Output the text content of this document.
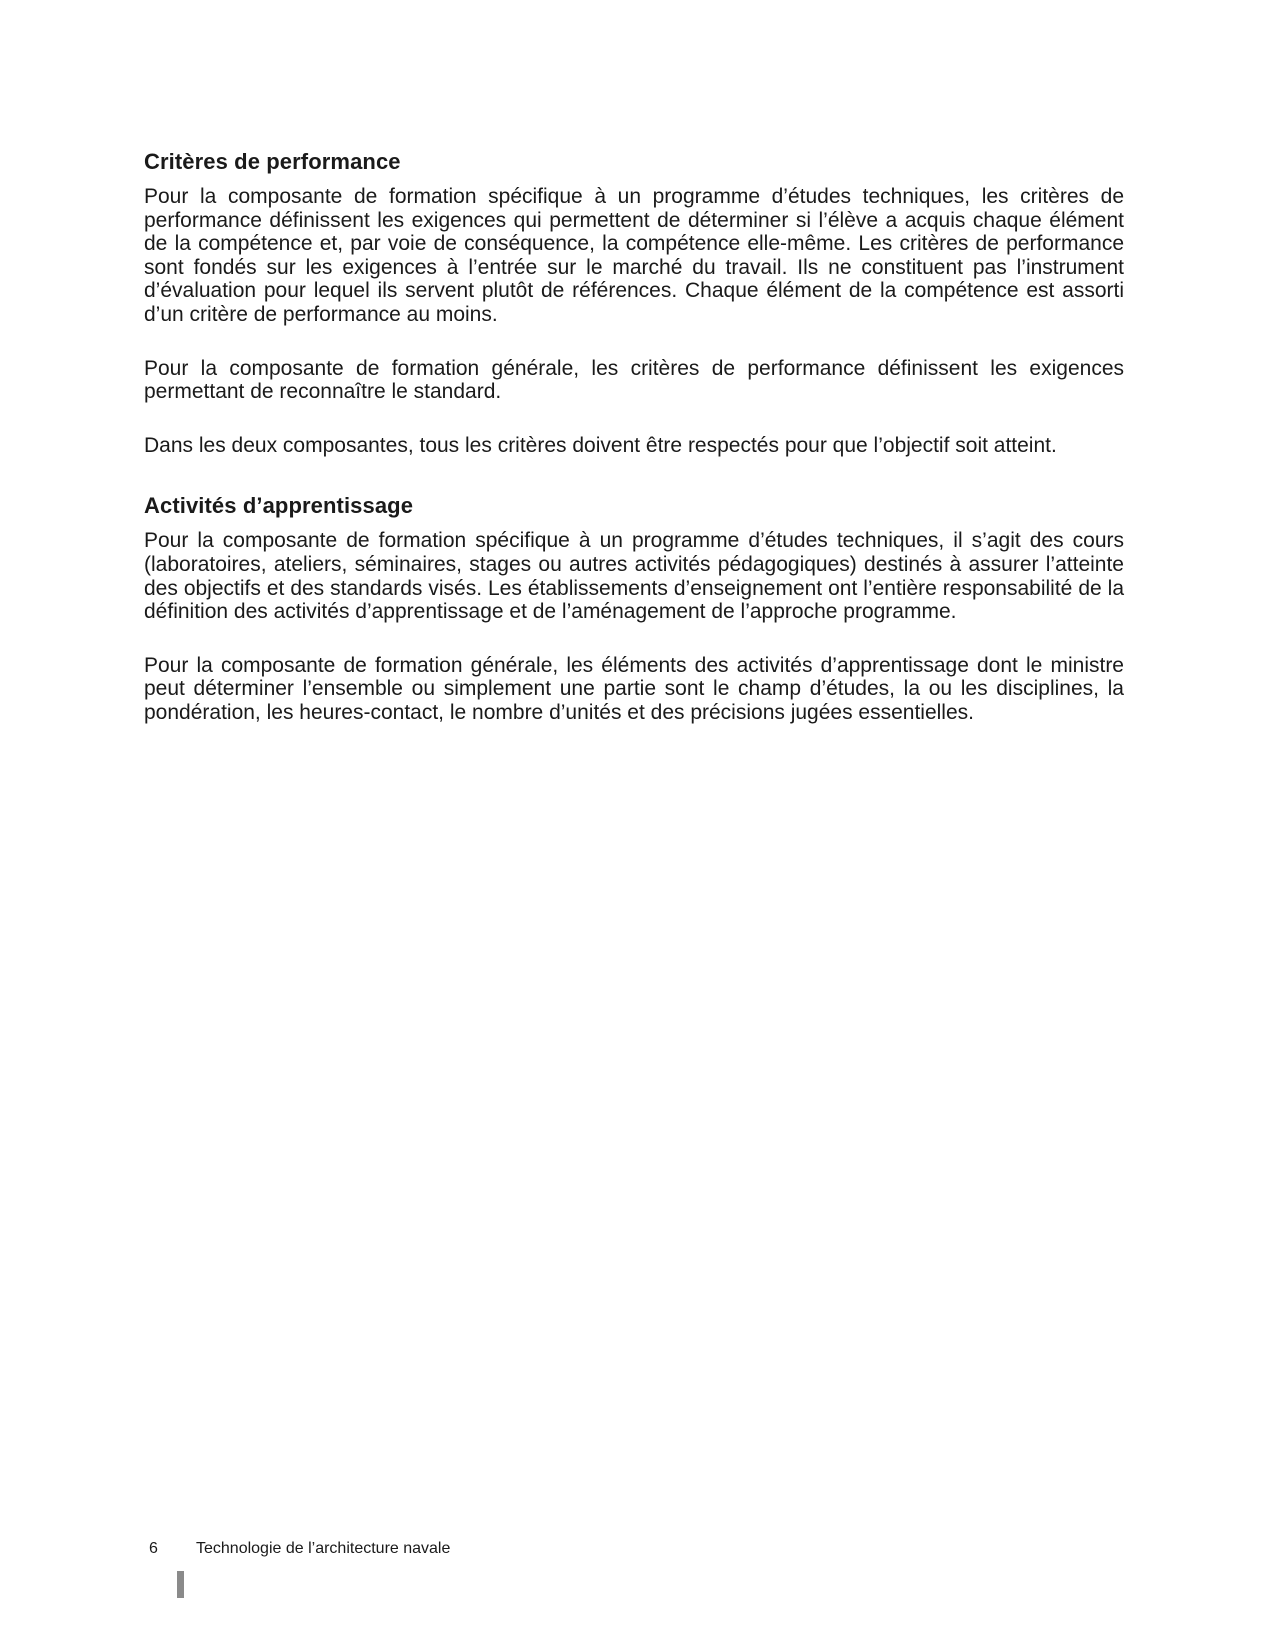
Critères de performance

Pour la composante de formation spécifique à un programme d’études techniques, les critères de performance définissent les exigences qui permettent de déterminer si l’élève a acquis chaque élément de la compétence et, par voie de conséquence, la compétence elle-même. Les critères de performance sont fondés sur les exigences à l’entrée sur le marché du travail. Ils ne constituent pas l’instrument d’évaluation pour lequel ils servent plutôt de références. Chaque élément de la compétence est assorti d’un critère de performance au moins.

Pour la composante de formation générale, les critères de performance définissent les exigences permettant de reconnaître le standard.

Dans les deux composantes, tous les critères doivent être respectés pour que l’objectif soit atteint.

Activités d’apprentissage

Pour la composante de formation spécifique à un programme d’études techniques, il s’agit des cours (laboratoires, ateliers, séminaires, stages ou autres activités pédagogiques) destinés à assurer l’atteinte des objectifs et des standards visés. Les établissements d’enseignement ont l’entière responsabilité de la définition des activités d’apprentissage et de l’aménagement de l’approche programme.

Pour la composante de formation générale, les éléments des activités d’apprentissage dont le ministre peut déterminer l’ensemble ou simplement une partie sont le champ d’études, la ou les disciplines, la pondération, les heures-contact, le nombre d’unités et des précisions jugées essentielles.

6 Technologie de l’architecture navale
